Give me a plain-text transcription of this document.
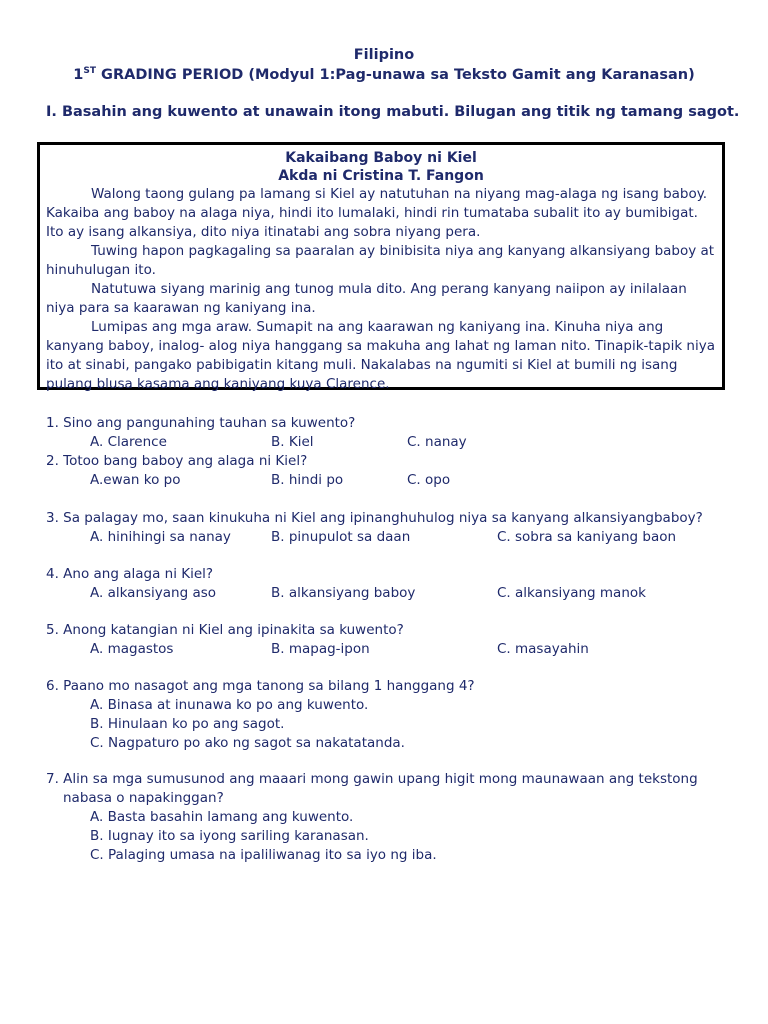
Filipino
1ST GRADING PERIOD (Modyul 1:Pag-unawa sa Teksto Gamit ang Karanasan)
I. Basahin ang kuwento at unawain itong mabuti. Bilugan ang titik ng tamang sagot.
Kakaibang Baboy ni Kiel
Akda ni Cristina T. Fangon

Walong taong gulang pa lamang si Kiel ay natutuhan na niyang mag-alaga ng isang baboy. Kakaiba ang baboy na alaga niya, hindi ito lumalaki, hindi rin tumataba subalit ito ay bumibigat. Ito ay isang alkansiya, dito niya itinatabi ang sobra niyang pera.

Tuwing hapon pagkagaling sa paaralan ay binibisita niya ang kanyang alkansiyang baboy at hinuhulugan ito.

Natutuwa siyang marinig ang tunog mula dito. Ang perang kanyang naiipon ay inilalaan niya para sa kaarawan ng kaniyang ina.

Lumipas ang mga araw. Sumapit na ang kaarawan ng kaniyang ina. Kinuha niya ang kanyang baboy, inalog- alog niya hanggang sa makuha ang lahat ng laman nito. Tinapik-tapik niya ito at sinabi, pangako pabibigatin kitang muli. Nakalabas na ngumiti si Kiel at bumili ng isang pulang blusa kasama ang kaniyang kuya Clarence.

1. Sino ang pangunahing tauhan sa kuwento?
A. Clarence	B. Kiel	C. nanay
2. Totoo bang baboy ang alaga ni Kiel?
A.ewan ko po	B. hindi po	C. opo
3. Sa palagay mo, saan kinukuha ni Kiel ang ipinanghuhulog niya sa kanyang alkansiyangbaboy?
A. hinihingi sa nanay	B. pinupulot sa daan	C. sobra sa kaniyang baon
4. Ano ang alaga ni Kiel?
A. alkansiyang aso	B. alkansiyang baboy	C. alkansiyang manok
5. Anong katangian ni Kiel ang ipinakita sa kuwento?
A. magastos	B. mapag-ipon	C. masayahin
6. Paano mo nasagot ang mga tanong sa bilang 1 hanggang 4?
A. Binasa at inunawa ko po ang kuwento.
B. Hinulaan ko po ang sagot.
C. Nagpaturo po ako ng sagot sa nakatatanda.
7. Alin sa mga sumusunod ang maaari mong gawin upang higit mong maunawaan ang tekstong
nabasa o napakinggan?
A. Basta basahin lamang ang kuwento.
B. Iugnay ito sa iyong sariling karanasan.
C. Palaging umasa na ipaliliwanag ito sa iyo ng iba.
